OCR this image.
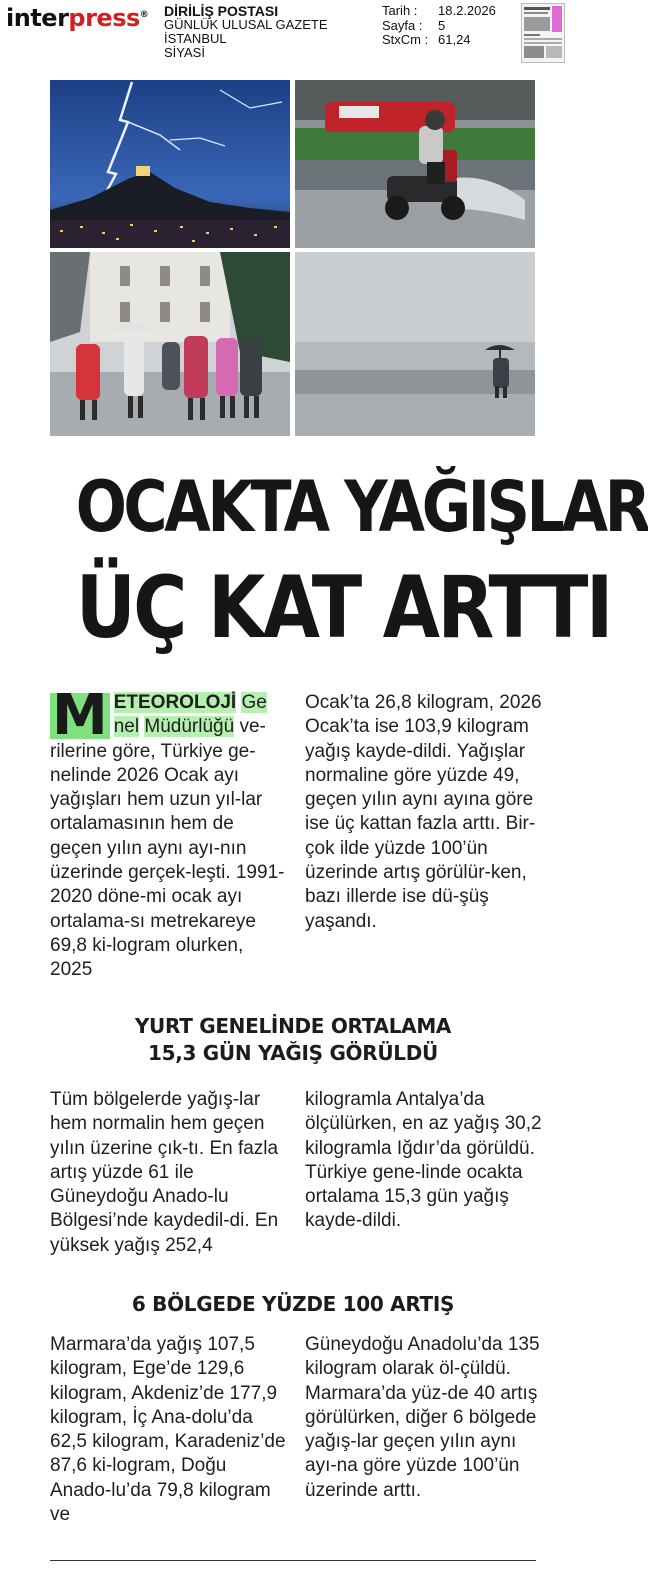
interpress® DİRİLİŞ POSTASI
GÜNLÜK ULUSAL GAZETE
İSTANBUL
SİYASİ
Tarih :	18.2.2026
Sayfa :	5
StxCm : 61,24
OCAKTA YAĞIŞLAR
ÜÇ KAT ARTTI

M ETEOROLOJİ Ge
nel Müdürlüğü ve-rilerine göre, Türkiye ge-nelinde 2026 Ocak ayı yağışları hem uzun yıl-lar ortalamasının hem de geçen yılın aynı ayı-nın üzerinde gerçek-leşti. 1991-2020 döne-mi ocak ayı ortalama-sı metrekareye 69,8 ki-logram olurken, 2025

Ocak’ta 26,8 kilogram, 2026 Ocak’ta ise 103,9 kilogram yağış kayde-dildi. Yağışlar normaline göre yüzde 49, geçen yılın aynı ayına göre ise üç kattan fazla arttı. Bir-çok ilde yüzde 100’ün üzerinde artış görülür-ken, bazı illerde ise dü-şüş yaşandı.

YURT GENELİNDE ORTALAMA
15,3 GÜN YAĞIŞ GÖRÜLDÜ

Tüm bölgelerde yağış-lar hem normalin hem geçen yılın üzerine çık-tı. En fazla artış yüzde 61 ile Güneydoğu Anado-lu Bölgesi’nde kaydedil-di. En yüksek yağış 252,4

kilogramla Antalya’da ölçülürken, en az yağış 30,2 kilogramla Iğdır’da görüldü. Türkiye gene-linde ocakta ortalama 15,3 gün yağış kayde-dildi.

6 BÖLGEDE YÜZDE 100 ARTIŞ

Marmara’da yağış 107,5 kilogram, Ege’de 129,6 kilogram, Akdeniz’de 177,9 kilogram, İç Ana-dolu’da 62,5 kilogram, Karadeniz’de 87,6 ki-logram, Doğu Anado-lu’da 79,8 kilogram ve

Güneydoğu Anadolu’da 135 kilogram olarak öl-çüldü. Marmara’da yüz-de 40 artış görülürken, diğer 6 bölgede yağış-lar geçen yılın aynı ayı-na göre yüzde 100’ün üzerinde arttı.
